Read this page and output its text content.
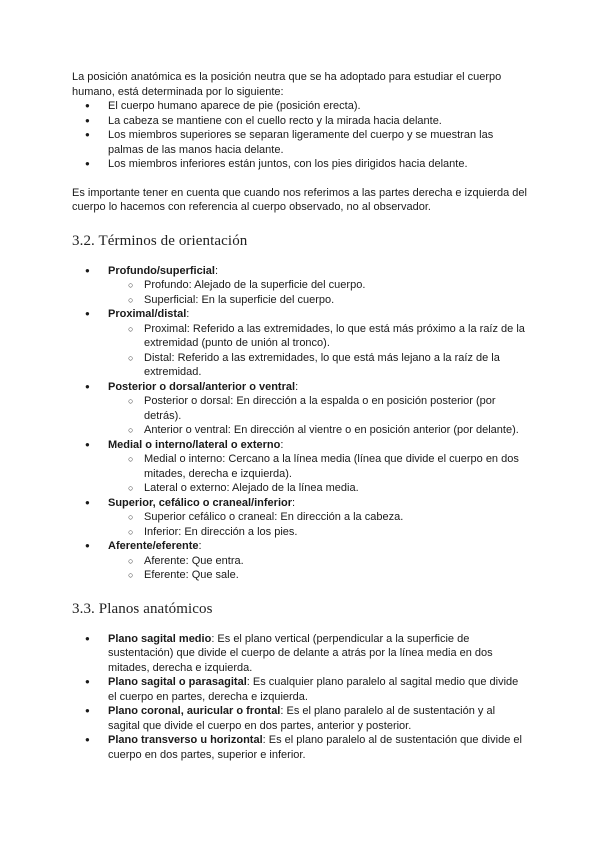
La posición anatómica es la posición neutra que se ha adoptado para estudiar el cuerpo humano, está determinada por lo siguiente:

● El cuerpo humano aparece de pie (posición erecta).
● La cabeza se mantiene con el cuello recto y la mirada hacia delante.
● Los miembros superiores se separan ligeramente del cuerpo y se muestran las palmas de las manos hacia delante.
● Los miembros inferiores están juntos, con los pies dirigidos hacia delante.

Es importante tener en cuenta que cuando nos referimos a las partes derecha e izquierda del cuerpo lo hacemos con referencia al cuerpo observado, no al observador.

3.2. Términos de orientación
● Profundo/superficial:
○ Profundo: Alejado de la superficie del cuerpo.
○ Superficial: En la superficie del cuerpo.
● Proximal/distal:
○ Proximal: Referido a las extremidades, lo que está más próximo a la raíz de la extremidad (punto de unión al tronco).
○ Distal: Referido a las extremidades, lo que está más lejano a la raíz de la extremidad.
● Posterior o dorsal/anterior o ventral:
○ Posterior o dorsal: En dirección a la espalda o en posición posterior (por detrás).
○ Anterior o ventral: En dirección al vientre o en posición anterior (por delante).
● Medial o interno/lateral o externo:
○ Medial o interno: Cercano a la línea media (línea que divide el cuerpo en dos mitades, derecha e izquierda).
○ Lateral o externo: Alejado de la línea media.
● Superior, cefálico o craneal/inferior:
○ Superior cefálico o craneal: En dirección a la cabeza.
○ Inferior: En dirección a los pies.
● Aferente/eferente:
○ Aferente: Que entra.
○ Eferente: Que sale.
3.3. Planos anatómicos
● Plano sagital medio: Es el plano vertical (perpendicular a la superficie de sustentación) que divide el cuerpo de delante a atrás por la línea media en dos mitades, derecha e izquierda.
● Plano sagital o parasagital: Es cualquier plano paralelo al sagital medio que divide el cuerpo en partes, derecha e izquierda.
● Plano coronal, auricular o frontal: Es el plano paralelo al de sustentación y al sagital que divide el cuerpo en dos partes, anterior y posterior.
● Plano transverso u horizontal: Es el plano paralelo al de sustentación que divide el cuerpo en dos partes, superior e inferior.
